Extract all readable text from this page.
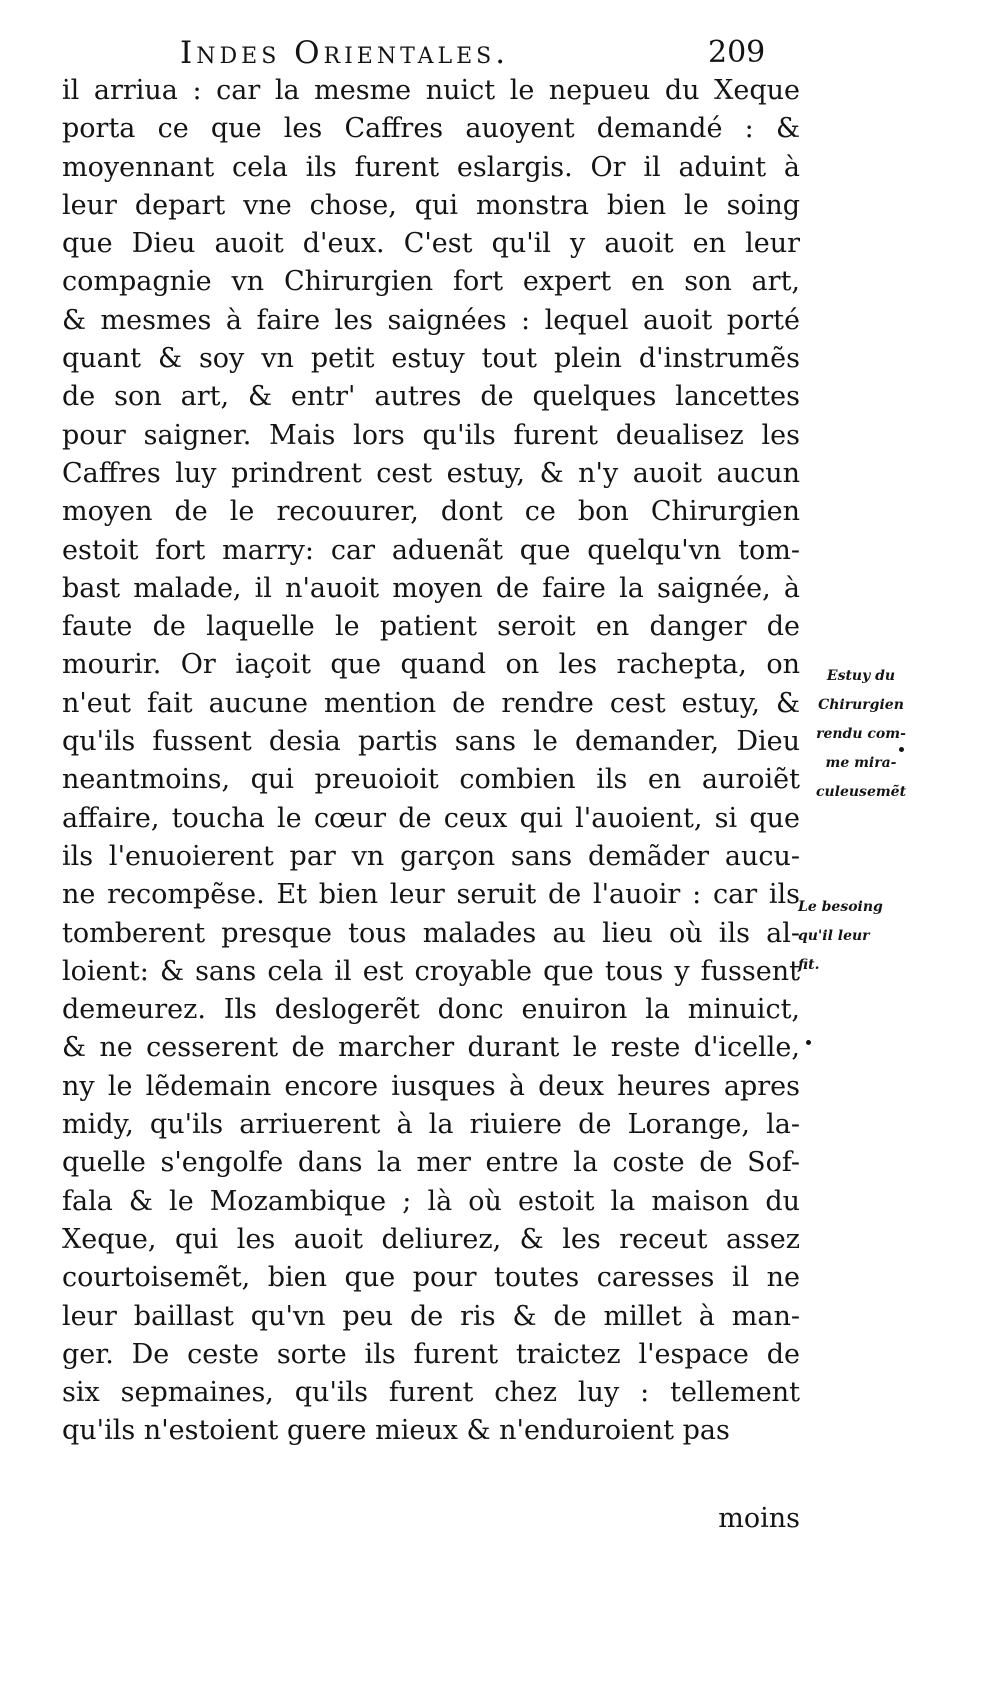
Indes Orientales.	209
il arriua : car la mesme nuict le nepueu du Xeque
porta ce que les Caffres auoyent demandé : &
moyennant cela ils furent eslargis. Or il aduint à
leur depart vne chose, qui monstra bien le soing
que Dieu auoit d'eux. C'est qu'il y auoit en leur
compagnie vn Chirurgien fort expert en son art,
& mesmes à faire les saignées : lequel auoit porté
quant & soy vn petit estuy tout plein d'instrumẽs
de son art, & entr' autres de quelques lancettes
pour saigner. Mais lors qu'ils furent deualisez les
Caffres luy prindrent cest estuy, & n'y auoit aucun
moyen de le recouurer, dont ce bon Chirurgien
estoit fort marry: car aduenãt que quelqu'vn tom-
bast malade, il n'auoit moyen de faire la saignée, à
faute de laquelle le patient seroit en danger de
mourir. Or iaçoit que quand on les rachepta, on
n'eut fait aucune mention de rendre cest estuy, &
qu'ils fussent desia partis sans le demander, Dieu
neantmoins, qui preuoioit combien ils en auroiẽt
affaire, toucha le cœur de ceux qui l'auoient, si que
ils l'enuoierent par vn garçon sans demãder aucu-
ne recompẽse. Et bien leur seruit de l'auoir : car ils
tomberent presque tous malades au lieu où ils al-
loient: & sans cela il est croyable que tous y fussent
demeurez. Ils deslogerẽt donc enuiron la minuict,
& ne cesserent de marcher durant le reste d'icelle,
ny le lẽdemain encore iusques à deux heures apres
midy, qu'ils arriuerent à la riuiere de Lorange, la-
quelle s'engolfe dans la mer entre la coste de Sof-
fala & le Mozambique ; là où estoit la maison du
Xeque, qui les auoit deliurez, & les receut assez
courtoisemẽt, bien que pour toutes caresses il ne
leur baillast qu'vn peu de ris & de millet à man-
ger. De ceste sorte ils furent traictez l'espace de
six sepmaines, qu'ils furent chez luy : tellement
qu'ils n'estoient guere mieux & n'enduroient pas
moins
Estuy du
Chirurgien
rendu com-
me mira-
culeusemẽt
Le besoing
qu'il leur
fit.
